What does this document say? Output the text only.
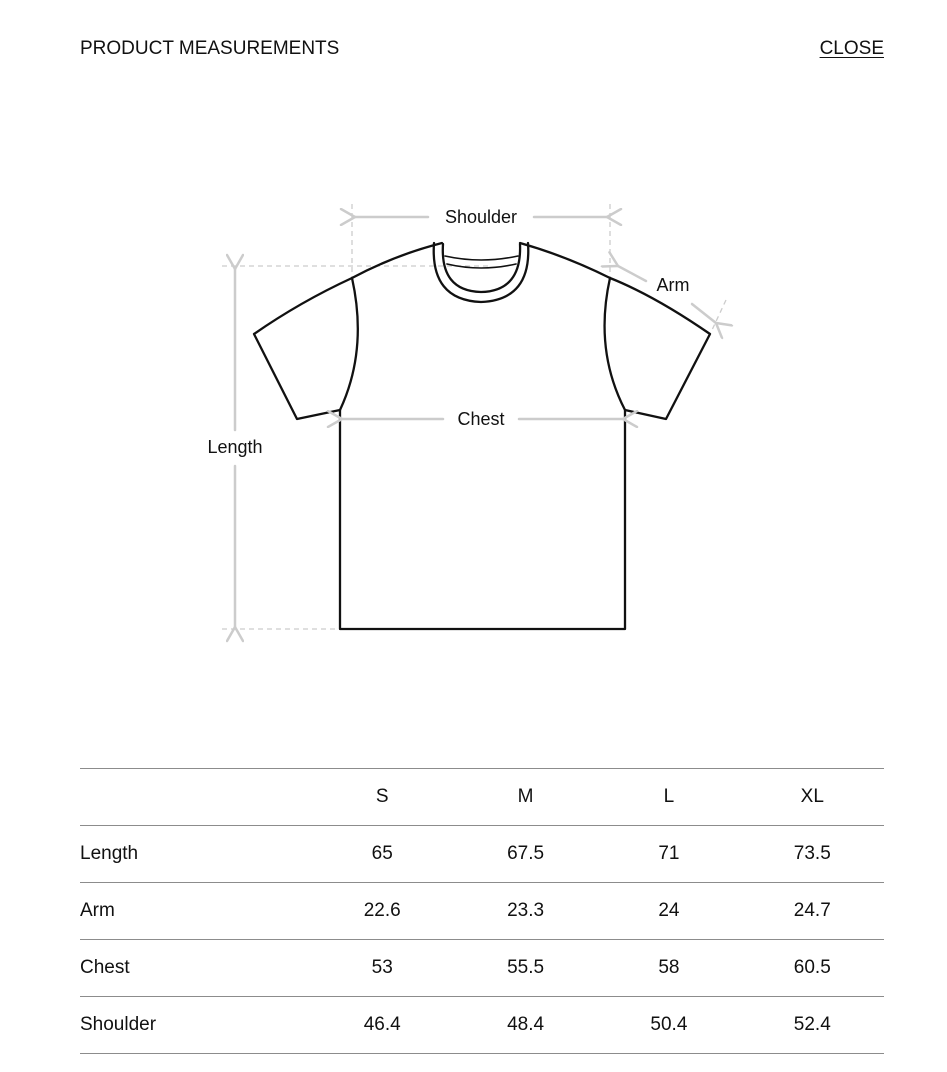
PRODUCT MEASUREMENTS	CLOSE
Shoulder
Arm
Chest
Length
	S	M	L	XL
Length	65	67.5	71	73.5
Arm	22.6	23.3	24	24.7
Chest	53	55.5	58	60.5
Shoulder	46.4	48.4	50.4	52.4
